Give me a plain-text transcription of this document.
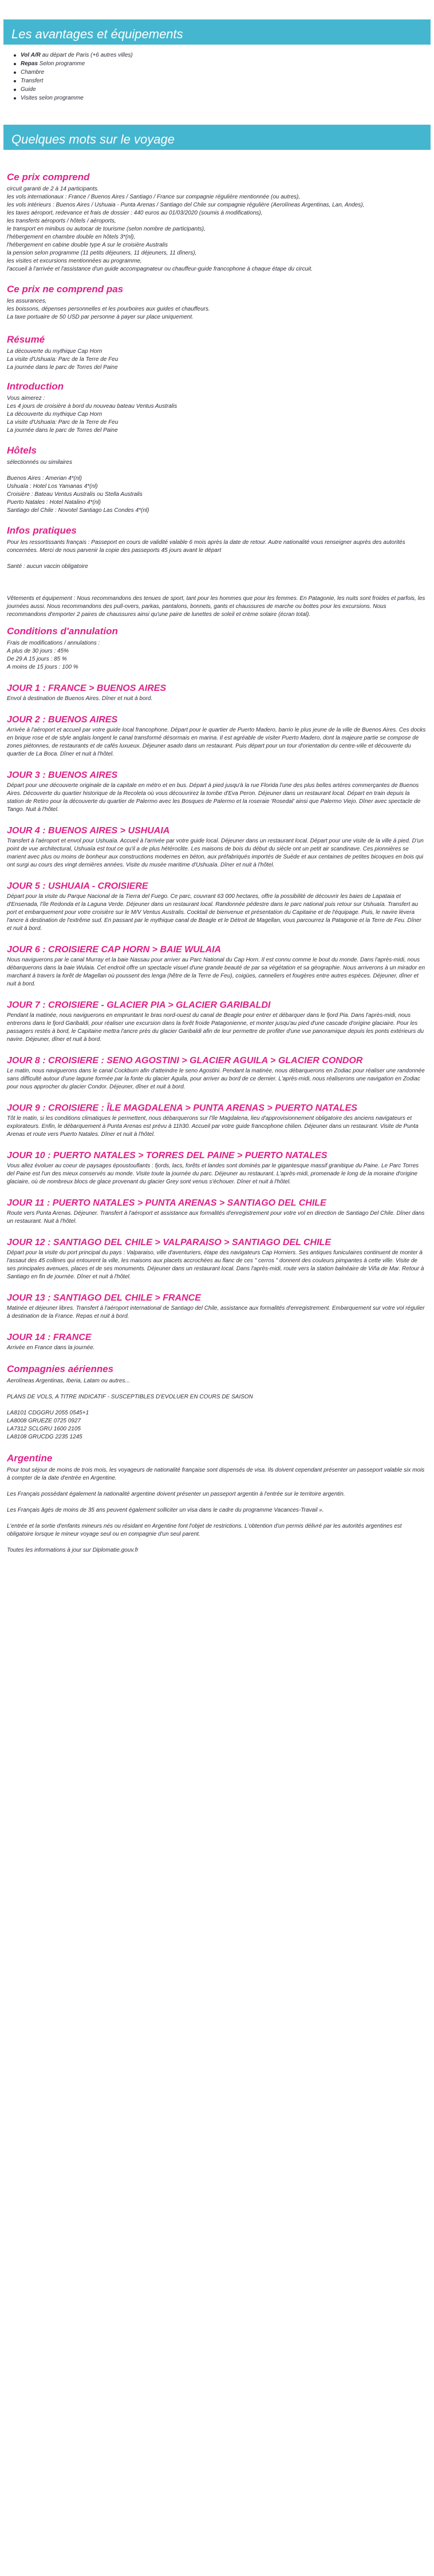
Les avantages et équipements
Vol A/R au départ de Paris (+6 autres villes)
Repas Selon programme
Chambre
Transfert
Guide
Visites selon programme
Quelques mots sur le voyage
Ce prix comprend
circuit garanti de 2 à 14 participants.
les vols internationaux : France / Buenos Aires / Santiago / France sur compagnie régulière mentionnée (ou autres),
les vols intérieurs : Buenos Aires / Ushuaia - Punta Arenas / Santiago del Chile sur compagnie régulière (Aerolíneas Argentinas, Lan, Andes),
les taxes aéroport, redevance et frais de dossier : 440 euros au 01/03/2020 (soumis à modifications),
les transferts aéroports / hôtels / aéroports,
le transport en minibus ou autocar de tourisme (selon nombre de participants),
l'hébergement en chambre double en hôtels 3*(nl),
l'hébergement en cabine double type A sur le croisière Australis
la pension selon programme (11 petits déjeuners, 11 déjeuners, 11 dîners),
les visites et excursions mentionnées au programme,
l'accueil à l'arrivée et l'assistance d'un guide accompagnateur ou chauffeur-guide francophone à chaque étape du circuit.
Ce prix ne comprend pas
les assurances,
les boissons, dépenses personnelles et les pourboires aux guides et chauffeurs.
La taxe portuaire de 50 USD par personne à payer sur place uniquement.
Résumé
La découverte du mythique Cap Horn
La visite d'Ushuaïa: Parc de la Terre de Feu
La journée dans le parc de Torres del Paine
Introduction
Vous aimerez :
Les 4 jours de croisière à bord du nouveau bateau Ventus Australis
La découverte du mythique Cap Horn
La visite d'Ushuaïa: Parc de la Terre de Feu
La journée dans le parc de Torres del Paine
Hôtels
sélectionnés ou similaires
Buenos Aires : Amerian 4*(nl)
Ushuaïa : Hotel Los Yamanas 4*(nl)
Croisière : Bateau Ventus Australis ou Stella Australis
Puerto Natales : Hotel Natalino 4*(nl)
Santiago del Chile : Novotel Santiago Las Condes 4*(nl)
Infos pratiques
Pour les ressortissants français : Passeport en cours de validité valable 6 mois après la date de retour. Autre nationalité vous renseigner auprès des autorités concernées. Merci de nous parvenir la copie des passeports 45 jours avant le départ
Santé : aucun vaccin obligatoire
Vêtements et équipement : Nous recommandons des tenues de sport, tant pour les hommes que pour les femmes. En Patagonie, les nuits sont froides et parfois, les journées aussi. Nous recommandons des pull-overs, parkas, pantalons, bonnets, gants et chaussures de marche ou bottes pour les excursions. Nous recommandons d'emporter 2 paires de chaussures ainsi qu'une paire de lunettes de soleil et crème solaire (écran total).
Conditions d'annulation
Frais de modifications / annulations :
A plus de 30 jours : 45%
De 29 A 15 jours : 85 %
A moins de 15 jours : 100 %
JOUR 1 : FRANCE > BUENOS AIRES
Envol à destination de Buenos Aires. Dîner et nuit à bord.
JOUR 2 : BUENOS AIRES
Arrivée à l'aéroport et accueil par votre guide local francophone. Départ pour le quartier de Puerto Madero, barrio le plus jeune de la ville de Buenos Aires. Ces docks en brique rose et de style anglais longent le canal transformé désormais en marina. Il est agréable de visiter Puerto Madero, dont la majeure partie se compose de zones piétonnes, de restaurants et de cafés luxueux. Déjeuner asado dans un restaurant. Puis départ pour un tour d'orientation du centre-ville et découverte du quartier de La Boca. Dîner et nuit à l'hôtel.
JOUR 3 : BUENOS AIRES
Départ pour une découverte originale de la capitale en métro et en bus. Départ à pied jusqu'à la rue Florida l'une des plus belles artères commerçantes de Buenos Aires. Découverte du quartier historique de la Recoleta où vous découvrirez la tombe d'Eva Peron. Déjeuner dans un restaurant local. Départ en train depuis la station de Retiro pour la découverte du quartier de Palermo avec les Bosques de Palermo et la roseraie 'Rosedal' ainsi que Palermo Viejo. Dîner avec spectacle de Tango. Nuit à l'hôtel.
JOUR 4 : BUENOS AIRES > USHUAIA
Transfert à l'aéroport et envol pour Ushuaïa. Accueil à l'arrivée par votre guide local. Déjeuner dans un restaurant local. Départ pour une visite de la ville à pied. D'un point de vue architectural, Ushuaïa est tout ce qu'il a de plus hétéroclite. Les maisons de bois du début du siècle ont un petit air scandinave. Ces pionnières se marient avec plus ou moins de bonheur aux constructions modernes en béton, aux préfabriqués importés de Suède et aux centaines de petites bicoques en bois qui ont surgi au cours des vingt dernières années. Visite du musée maritime d'Ushuaïa. Dîner et nuit à l'hôtel.
JOUR 5 : USHUAIA - CROISIERE
Départ pour la visite du Parque Nacional de la Tierra del Fuego. Ce parc, couvrant 63 000 hectares, offre la possibilité de découvrir les baies de Lapataia et d'Ensenada, l'île Redonda et la Laguna Verde. Déjeuner dans un restaurant local. Randonnée pédestre dans le parc national puis retour sur Ushuaïa. Transfert au port et embarquement pour votre croisière sur le M/V Ventus Australis. Cocktail de bienvenue et présentation du Capitaine et de l'équipage. Puis, le navire lèvera l'ancre à destination de l'extrême sud. En passant par le mythique canal de Beagle et le Détroit de Magellan, vous parcourrez la Patagonie et la Terre de Feu. Dîner et nuit à bord.
JOUR 6 : CROISIERE CAP HORN > BAIE WULAIA
Nous naviguerons par le canal Murray et la baie Nassau pour arriver au Parc National du Cap Horn. Il est connu comme le bout du monde. Dans l'après-midi, nous débarquerons dans la baie Wulaia. Cet endroit offre un spectacle visuel d'une grande beauté de par sa végétation et sa géographie. Nous arriverons à un mirador en marchant à travers la forêt de Magellan où poussent des lenga (hêtre de la Terre de Feu), coigües, canneliers et fougères entre autres espèces. Déjeuner, dîner et nuit à bord.
JOUR 7 : CROISIERE - GLACIER PIA > GLACIER GARIBALDI
Pendant la matinée, nous naviguerons en empruntant le bras nord-ouest du canal de Beagle pour entrer et débarquer dans le fjord Pia. Dans l'après-midi, nous entrerons dans le fjord Garibaldi, pour réaliser une excursion dans la forêt froide Patagonienne, et monter jusqu'au pied d'une cascade d'origine glaciaire. Pour les passagers restés à bord, le Capitaine mettra l'ancre près du glacier Garibaldi afin de leur permettre de profiter d'une vue panoramique depuis les ponts extérieurs du navire. Déjeuner, dîner et nuit à bord.
JOUR 8 : CROISIERE : SENO AGOSTINI > GLACIER AGUILA > GLACIER CONDOR
Le matin, nous naviguerons dans le canal Cockburn afin d'atteindre le seno Agostini. Pendant la matinée, nous débarquerons en Zodiac pour réaliser une randonnée sans difficulté autour d'une lagune formée par la fonte du glacier Aguila, pour arriver au bord de ce dernier. L'après-midi, nous réaliserons une navigation en Zodiac pour nous approcher du glacier Condor. Déjeuner, dîner et nuit à bord.
JOUR 9 : CROISIERE : ÎLE MAGDALENA > PUNTA ARENAS > PUERTO NATALES
Tôt le matin, si les conditions climatiques le permettent, nous débarquerons sur l'île Magdalena, lieu d'approvisionnement obligatoire des anciens navigateurs et explorateurs. Enfin, le débarquement à Punta Arenas est prévu à 11h30. Accueil par votre guide francophone chilien. Déjeuner dans un restaurant. Visite de Punta Arenas et route vers Puerto Natales. Dîner et nuit à l'hôtel.
JOUR 10 : PUERTO NATALES > TORRES DEL PAINE > PUERTO NATALES
Vous allez évoluer au coeur de paysages époustouflants : fjords, lacs, forêts et landes sont dominés par le gigantesque massif granitique du Paine. Le Parc Torres del Paine est l'un des mieux conservés au monde. Visite toute la journée du parc. Déjeuner au restaurant. L'après-midi, promenade le long de la moraine d'origine glaciaire, où de nombreux blocs de glace provenant du glacier Grey sont venus s'échouer. Dîner et nuit à l'hôtel.
JOUR 11 : PUERTO NATALES > PUNTA ARENAS > SANTIAGO DEL CHILE
Route vers Punta Arenas. Déjeuner. Transfert à l'aéroport et assistance aux formalités d'enregistrement pour votre vol en direction de Santiago Del Chile. Dîner dans un restaurant. Nuit à l'hôtel.
JOUR 12 : SANTIAGO DEL CHILE > VALPARAISO > SANTIAGO DEL CHILE
Départ pour la visite du port principal du pays : Valparaiso, ville d'aventuriers, étape des navigateurs Cap Horniers. Ses antiques funiculaires continuent de monter à l'assaut des 45 collines qui entourent la ville, les maisons aux placets accrochées au flanc de ces " cerros " donnent des couleurs pimpantes à cette ville. Visite de ses principales avenues, places et de ses monuments. Déjeuner dans un restaurant local. Dans l'après-midi, route vers la station balnéaire de Viña de Mar. Retour à Santiago en fin de journée. Dîner et nuit à l'hôtel.
JOUR 13 : SANTIAGO DEL CHILE > FRANCE
Matinée et déjeuner libres. Transfert à l'aéroport international de Santiago del Chile, assistance aux formalités d'enregistrement. Embarquement sur votre vol régulier à destination de la France. Repas et nuit à bord.
JOUR 14 : FRANCE
Arrivée en France dans la journée.
Compagnies aériennes
Aerolíneas Argentinas, Iberia, Latam ou autres...
PLANS DE VOLS, A TITRE INDICATIF - SUSCEPTIBLES D'EVOLUER EN COURS DE SAISON
LA8101 CDGGRU 2055 0545+1
LA8008 GRUEZE 0725 0927
LA7312 SCLGRU 1600 2105
LA8108 GRUCDG 2235 1245
Argentine
Pour tout séjour de moins de trois mois, les voyageurs de nationalité française sont dispensés de visa. Ils doivent cependant présenter un passeport valable six mois à compter de la date d'entrée en Argentine.
Les Français possédant également la nationalité argentine doivent présenter un passeport argentin à l'entrée sur le territoire argentin.
Les Français âgés de moins de 35 ans peuvent également solliciter un visa dans le cadre du programme Vacances-Travail ».
L'entrée et la sortie d'enfants mineurs nés ou résidant en Argentine font l'objet de restrictions. L'obtention d'un permis délivré par les autorités argentines est obligatoire lorsque le mineur voyage seul ou en compagnie d'un seul parent.
Toutes les informations à jour sur Diplomatie.gouv.fr
